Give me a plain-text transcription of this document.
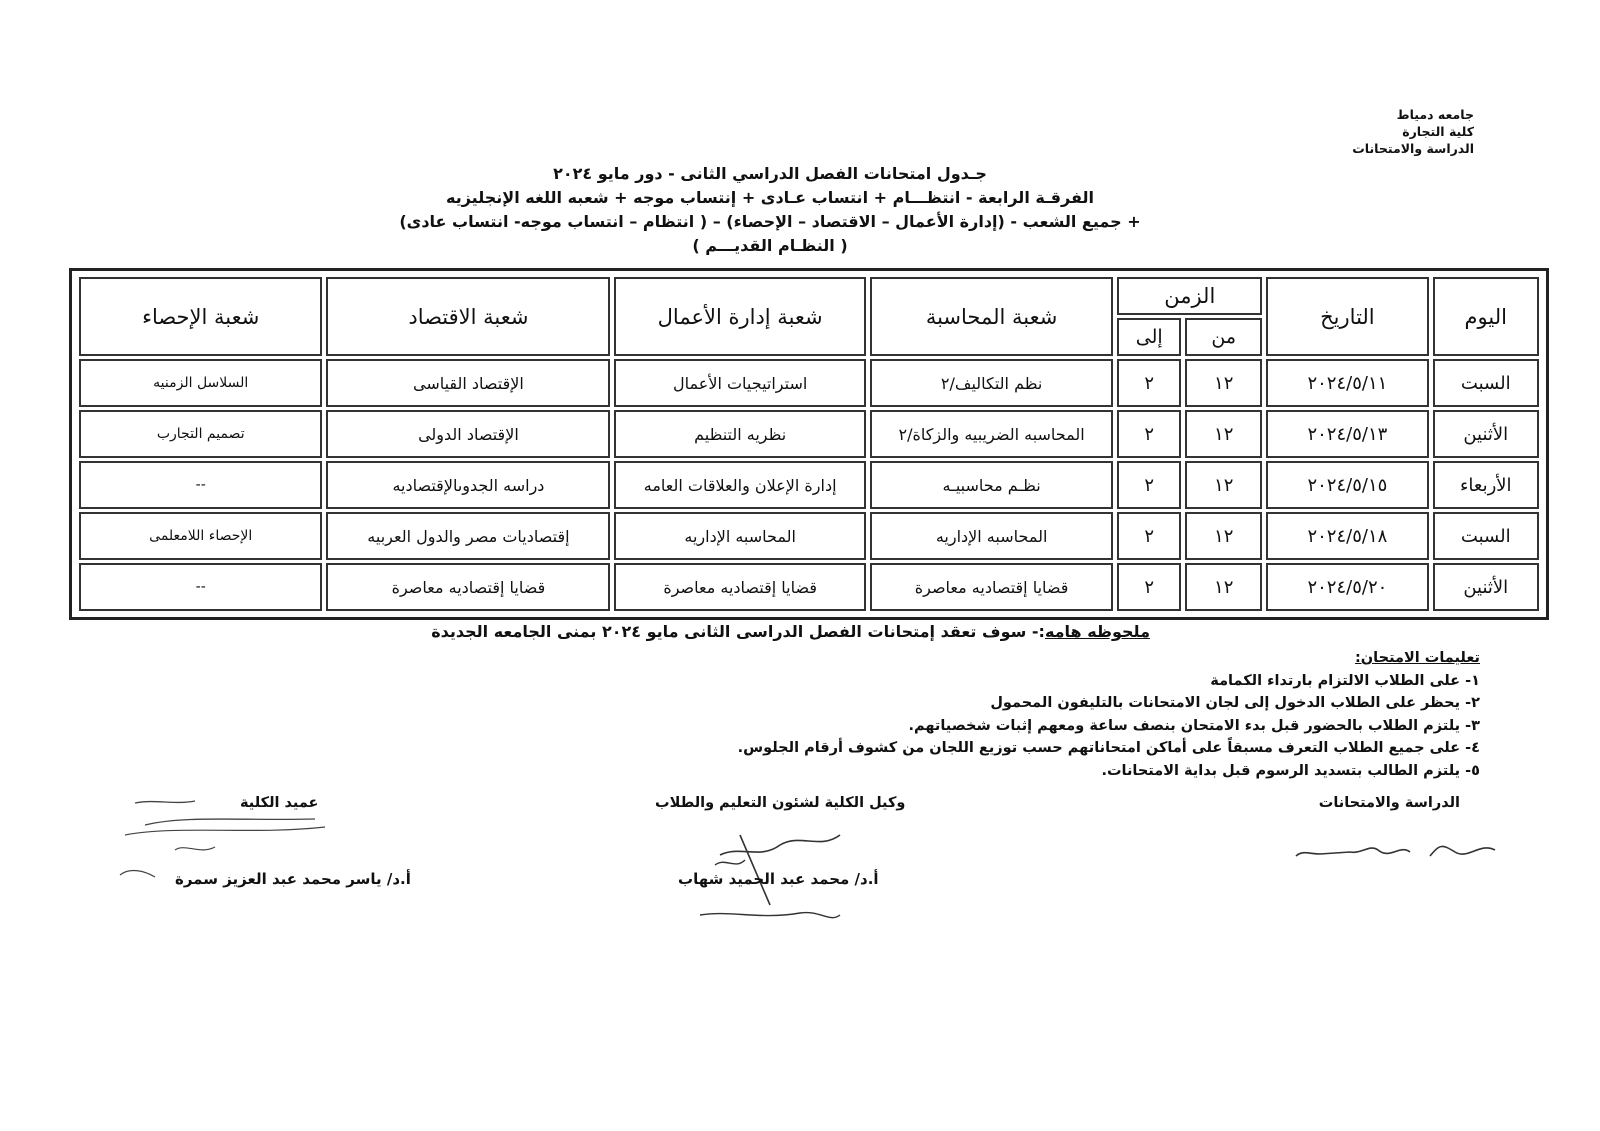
جامعه دمياط
كلية التجارة
الدراسة والامتحانات
جـدول امتحانات الفصل الدراسي الثانى - دور مايو ٢٠٢٤
الفرقـة الرابعة - انتظـــام + انتساب عـادى + إنتساب موجه + شعبه اللغه الإنجليزيه
+ جميع الشعب - (إدارة الأعمال – الاقتصاد – الإحصاء) – ( انتظام – انتساب موجه- انتساب عادى)
( النظـام القديـــم )
اليوم	التاريخ	الزمن		شعبة المحاسبة	شعبة إدارة الأعمال	شعبة الاقتصاد	شعبة الإحصاء
		من	إلى				
السبت	٢٠٢٤/٥/١١	١٢	٢	نظم التكاليف/٢	استراتيجيات الأعمال	الإقتصاد القياسى	السلاسل الزمنيه
الأثنين	٢٠٢٤/٥/١٣	١٢	٢	المحاسبه الضريبيه والزكاة/٢	نظريه التنظيم	الإقتصاد الدولى	تصميم التجارب
الأربعاء	٢٠٢٤/٥/١٥	١٢	٢	نظـم محاسبيـه	إدارة الإعلان والعلاقات العامه	دراسه الجدوىالإقتصاديه	--
السبت	٢٠٢٤/٥/١٨	١٢	٢	المحاسبه الإداريه	المحاسبه الإداريه	إقتصاديات مصر والدول العربيه	الإحصاء اللامعلمى
الأثنين	٢٠٢٤/٥/٢٠	١٢	٢	قضايا إقتصاديه معاصرة	قضايا إقتصاديه معاصرة	قضايا إقتصاديه معاصرة	--
ملحوظه هامه:- سوف تعقد إمتحانات الفصل الدراسى الثانى مايو ٢٠٢٤ بمنى الجامعه الجديدة
تعليمات الامتحان:
١- على الطلاب الالتزام بارتداء الكمامة
٢- يحظر على الطلاب الدخول إلى لجان الامتحانات بالتليفون المحمول
٣- يلتزم الطلاب بالحضور قبل بدء الامتحان بنصف ساعة ومعهم إثبات شخصياتهم.
٤- على جميع الطلاب التعرف مسبقاً على أماكن امتحاناتهم حسب توزيع اللجان من كشوف أرقام الجلوس.
٥- يلتزم الطالب بتسديد الرسوم قبل بداية الامتحانات.
الدراسة والامتحانات
وكيل الكلية لشئون التعليم والطلاب
أ.د/ محمد عبد الحميد شهاب
عميد الكلية
أ.د/ ياسر محمد عبد العزيز سمرة
